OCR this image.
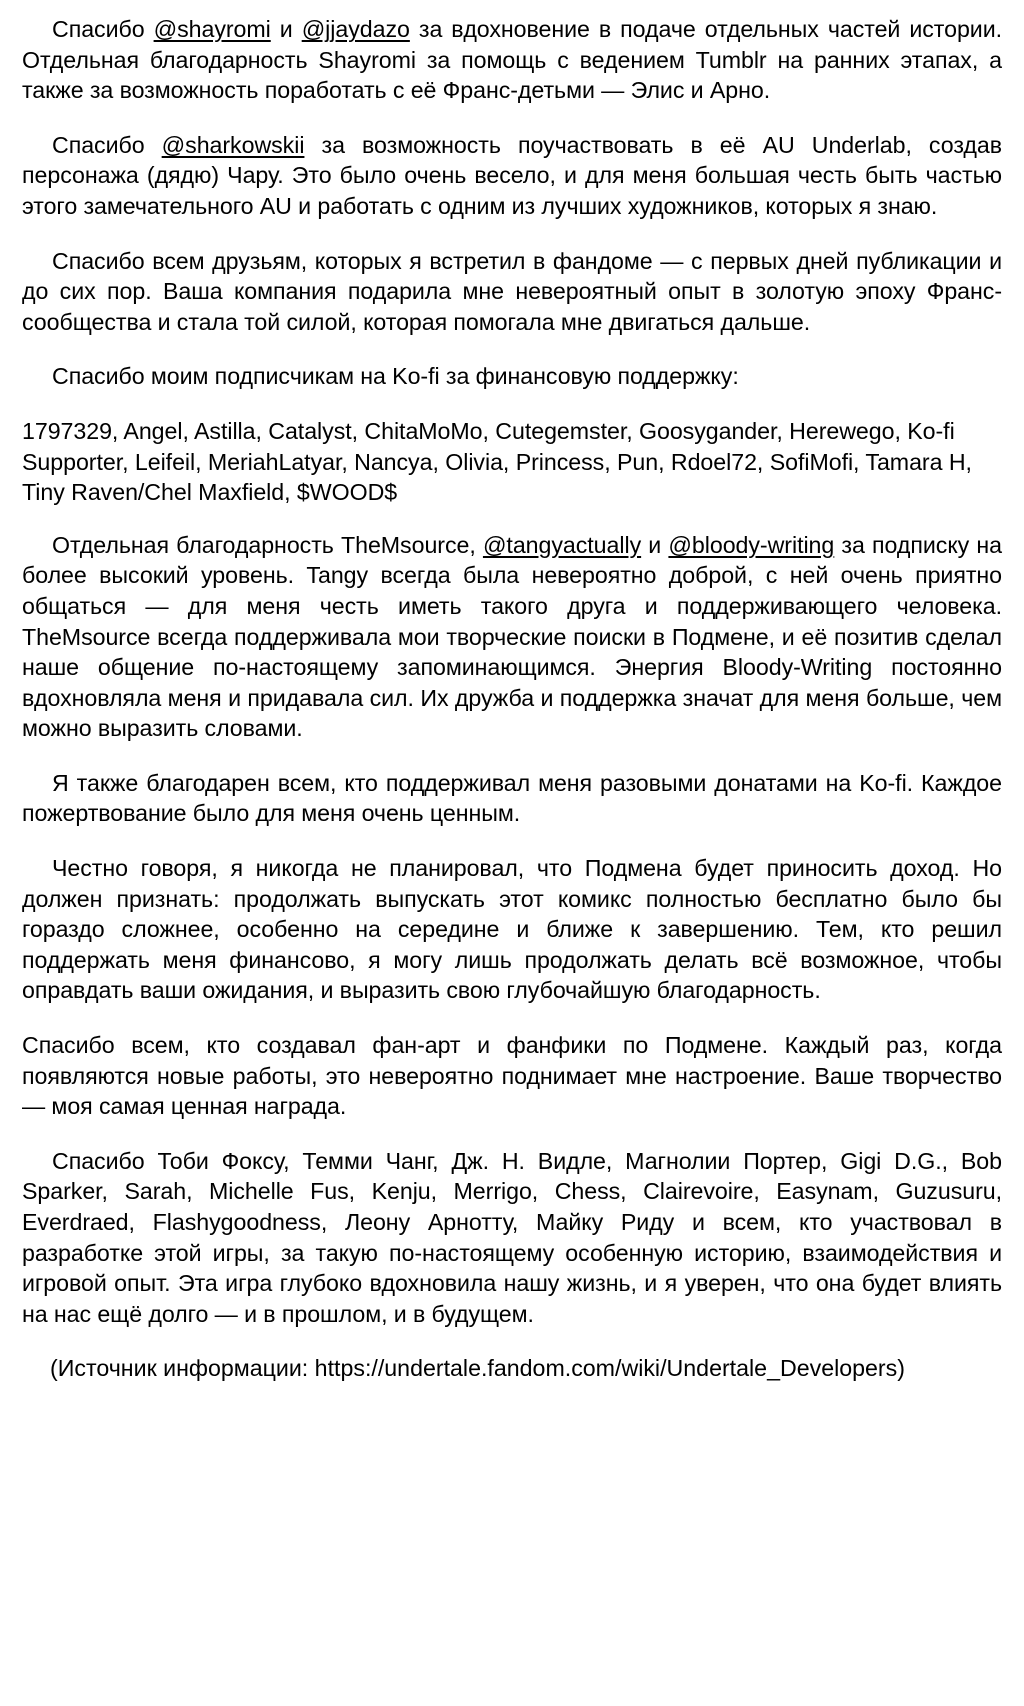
Спасибо @shayromi и @jjaydazo за вдохновение в подаче отдельных частей истории. Отдельная благодарность Shayromi за помощь с ведением Tumblr на ранних этапах, а также за возможность поработать с её Франс-детьми — Элис и Арно.

Спасибо @sharkowskii за возможность поучаствовать в её AU Underlab, создав персонажа (дядю) Чару. Это было очень весело, и для меня большая честь быть частью этого замечательного AU и работать с одним из лучших художников, которых я знаю.

Спасибо всем друзьям, которых я встретил в фандоме — с первых дней публикации и до сих пор. Ваша компания подарила мне невероятный опыт в золотую эпоху Франс-сообщества и стала той силой, которая помогала мне двигаться дальше.

Спасибо моим подписчикам на Ko-fi за финансовую поддержку:

1797329, Angel, Astilla, Catalyst, ChitaMoMo, Cutegemster, Goosygander, Herewego, Ko-fi Supporter, Leifeil, MeriahLatyar, Nancya, Olivia, Princess, Pun, Rdoel72, SofiMofi, Tamara H, Tiny Raven/Chel Maxfield, $WOOD$

Отдельная благодарность TheMsource, @tangyactually и @bloody-writing за подписку на более высокий уровень. Tangy всегда была невероятно доброй, с ней очень приятно общаться — для меня честь иметь такого друга и поддерживающего человека. TheMsource всегда поддерживала мои творческие поиски в Подмене, и её позитив сделал наше общение по-настоящему запоминающимся. Энергия Bloody-Writing постоянно вдохновляла меня и придавала сил. Их дружба и поддержка значат для меня больше, чем можно выразить словами.

Я также благодарен всем, кто поддерживал меня разовыми донатами на Ko-fi. Каждое пожертвование было для меня очень ценным.

Честно говоря, я никогда не планировал, что Подмена будет приносить доход. Но должен признать: продолжать выпускать этот комикс полностью бесплатно было бы гораздо сложнее, особенно на середине и ближе к завершению. Тем, кто решил поддержать меня финансово, я могу лишь продолжать делать всё возможное, чтобы оправдать ваши ожидания, и выразить свою глубочайшую благодарность.

Спасибо всем, кто создавал фан-арт и фанфики по Подмене. Каждый раз, когда появляются новые работы, это невероятно поднимает мне настроение. Ваше творчество — моя самая ценная награда.

Спасибо Тоби Фоксу, Темми Чанг, Дж. Н. Видле, Магнолии Портер, Gigi D.G., Bob Sparker, Sarah, Michelle Fus, Kenju, Merrigo, Chess, Clairevoire, Easynam, Guzusuru, Everdraed, Flashygoodness, Леону Арнотту, Майку Риду и всем, кто участвовал в разработке этой игры, за такую по-настоящему особенную историю, взаимодействия и игровой опыт. Эта игра глубоко вдохновила нашу жизнь, и я уверен, что она будет влиять на нас ещё долго — и в прошлом, и в будущем.

(Источник информации: https://undertale.fandom.com/wiki/Undertale_Developers)
